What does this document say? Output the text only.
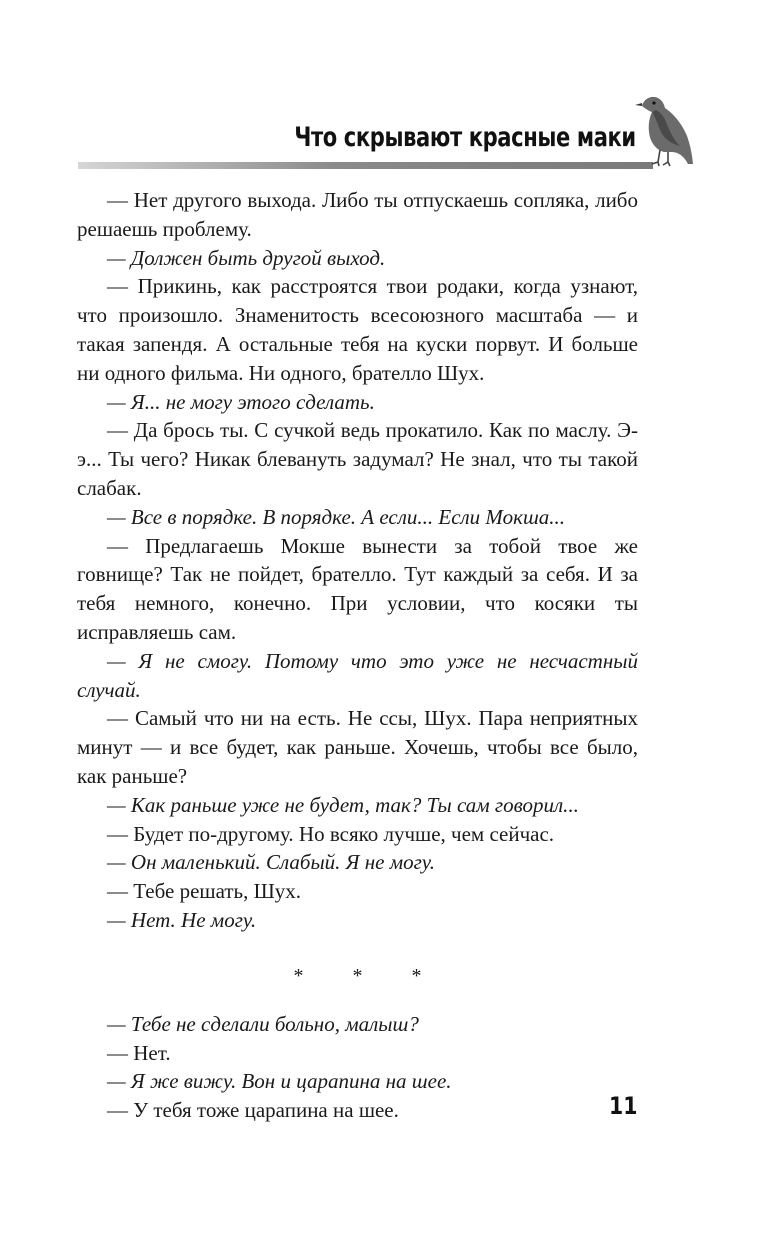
Что скрывают красные маки

— Нет другого выхода. Либо ты отпускаешь сопляка, либо решаешь проблему.

— Должен быть другой выход.

— Прикинь, как расстроятся твои родаки, когда узнают, что произошло. Знаменитость всесоюзного масштаба — и такая запендя. А остальные тебя на куски порвут. И больше ни одного фильма. Ни одного, брателло Шух.

— Я... не могу этого сделать.

— Да брось ты. С сучкой ведь прокатило. Как по маслу. Э-э... Ты чего? Никак блевануть задумал? Не знал, что ты такой слабак.

— Все в порядке. В порядке. А если... Если Мокша...

— Предлагаешь Мокше вынести за тобой твое же говнище? Так не пойдет, брателло. Тут каждый за себя. И за тебя немного, конечно. При условии, что косяки ты исправляешь сам.

— Я не смогу. Потому что это уже не несчастный случай.

— Самый что ни на есть. Не ссы, Шух. Пара неприятных минут — и все будет, как раньше. Хочешь, чтобы все было, как раньше?

— Как раньше уже не будет, так? Ты сам говорил...

— Будет по-другому. Но всяко лучше, чем сейчас.

— Он маленький. Слабый. Я не могу.

— Тебе решать, Шух.

— Нет. Не могу.

* * *

— Тебе не сделали больно, малыш?

— Нет.

— Я же вижу. Вон и царапина на шее.

— У тебя тоже царапина на шее.	11
